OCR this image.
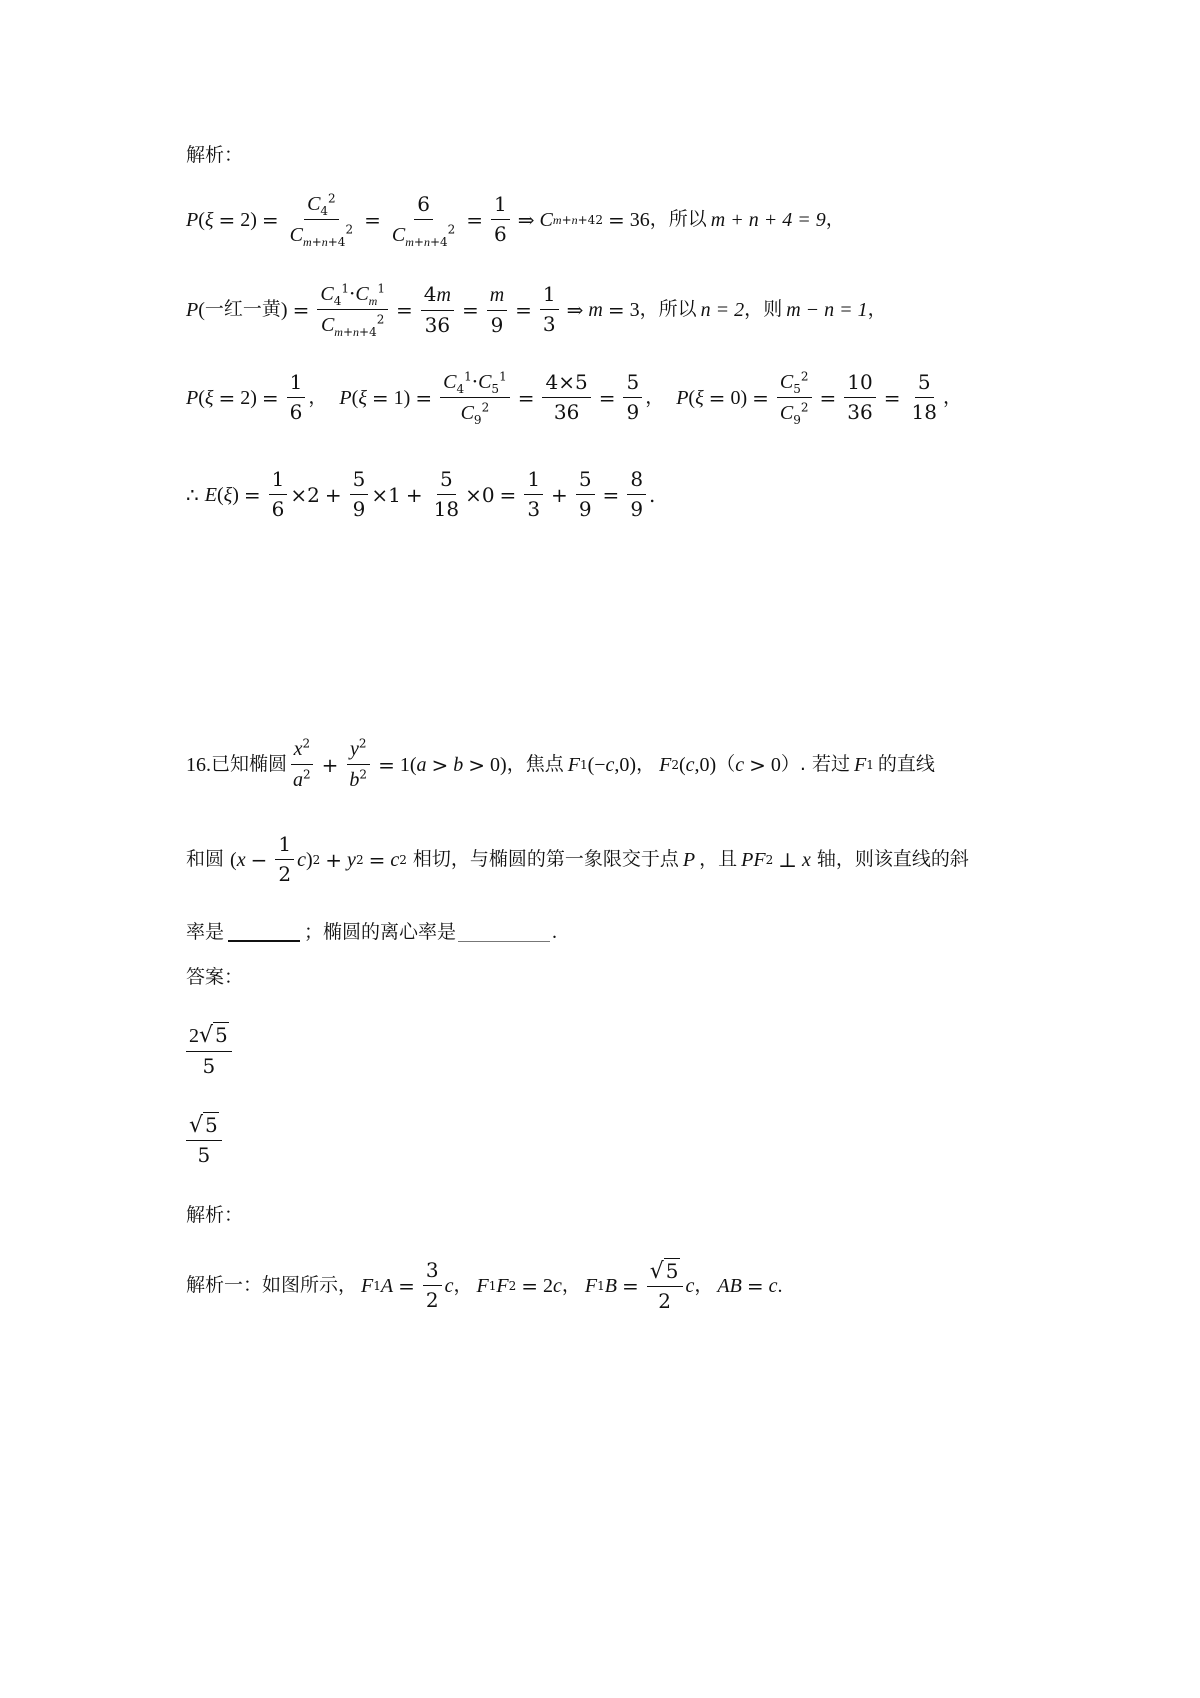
解析：
P ( $\xi = 2) = \frac{C_4^2}{C_{m+n+4}^2} = \frac{6}{C_{m+n+4}^2} = \frac{1}{6}$ ⇒ C m+n+4 2 = 36 ， 所以 m + n + 4 = 9 ，
P ( 一红一黄 ) = $\frac{C_4^1\cdot C_m^1}{C_{m+n+4}^2} = \frac{4m}{36} = \frac{m}{9} = \frac{1}{3}$ ⇒ m = 3 ， 所以 n = 2 ， 则 m − n = 1 ，
P ( $\xi = 2) = \frac{1}{6}$ ， P ( $\xi = 1) = \frac{C_4^1\cdot C_5^1}{C_9^2} = \frac{4\times 5}{36} = \frac{5}{9}$ ， P ( $\xi = 0) = \frac{C_5^2}{C_9^2} = \frac{10}{36} = \frac{5}{18}$ ，
∴ E ( ξ ) = $\frac{1}{6} \times 2 + \frac{5}{9} \times 1 + \frac{5}{18} \times 0 = \frac{1}{3} + \frac{5}{9} = \frac{8}{9}$ .
16. 已知椭圆 $\frac{x^2}{a^2} + \frac{y^2}{b^2} = 1$( a > b > 0) ，焦点 F 1 (− c ,0) ， F 2 ( c ,0) （ c > 0 ）. 若过 F 1 的直线
和圆 ( $x - \frac{1}{2}$ c ) 2 + y 2 = c 2 相切，与椭圆的第一象限交于点 P ，且 PF 2 ⊥ x 轴，则该直线的斜
率是	；椭圆的离心率是	.
答案：
$\frac{2 √ 5}{5}$
$\frac{√ 5}{5}$
解析：
解析一：如图所示， F 1 $A = \frac{3}{2}$ c ， F 1 F 2 = 2 c ， F 1 $B = \frac{√ 5}{2}$ c ， AB = c .
